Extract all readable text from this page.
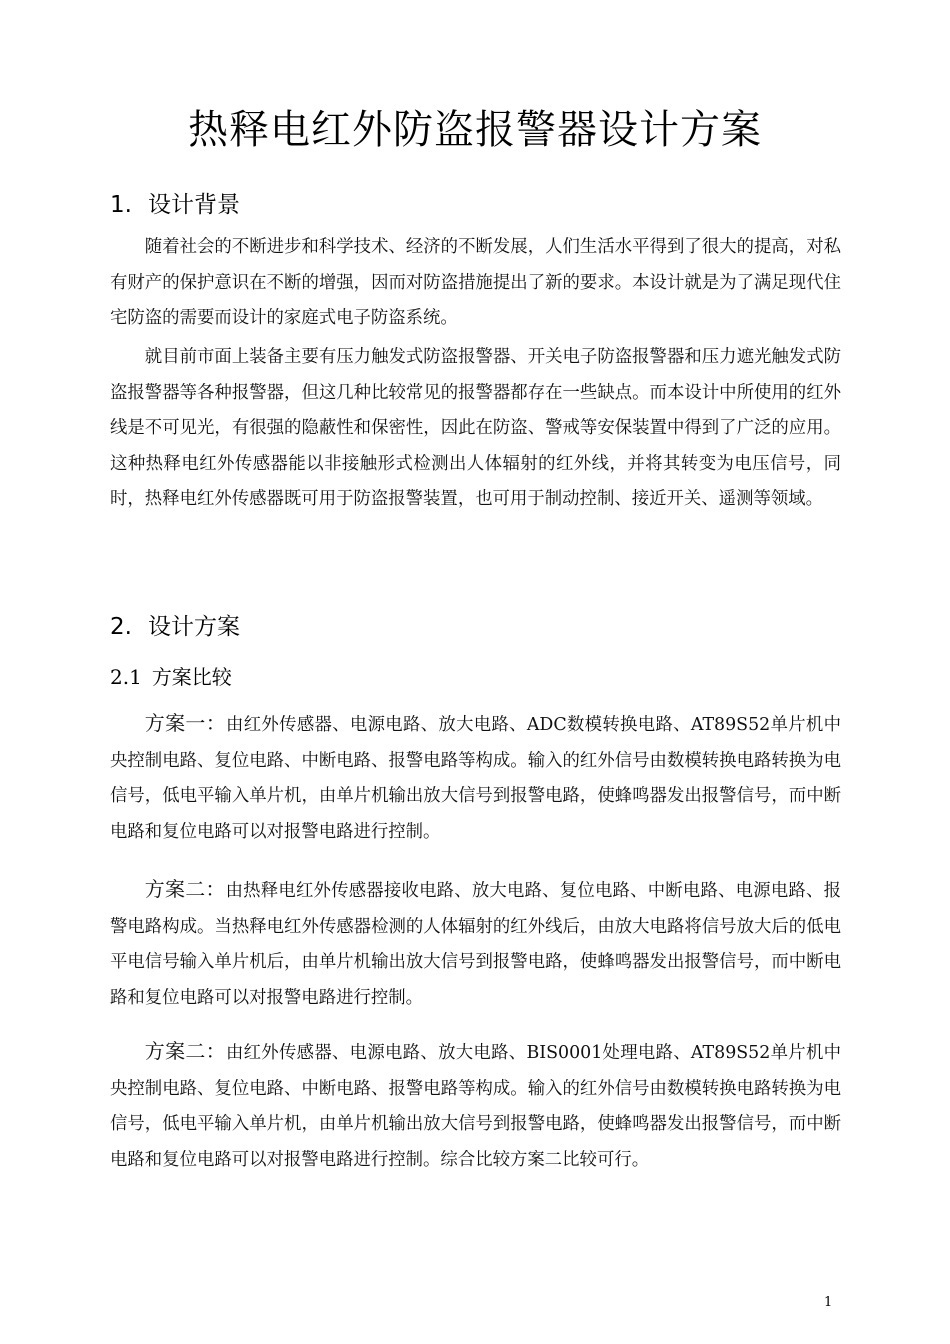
热释电红外防盗报警器设计方案
1. 设计背景

随着社会的不断进步和科学技术、经济的不断发展，人们生活水平得到了很大的提高，对私有财产的保护意识在不断的增强，因而对防盗措施提出了新的要求。本设计就是为了满足现代住宅防盗的需要而设计的家庭式电子防盗系统。

就目前市面上装备主要有压力触发式防盗报警器、开关电子防盗报警器和压力遮光触发式防盗报警器等各种报警器，但这几种比较常见的报警器都存在一些缺点。而本设计中所使用的红外线是不可见光，有很强的隐蔽性和保密性，因此在防盗、警戒等安保装置中得到了广泛的应用。这种热释电红外传感器能以非接触形式检测出人体辐射的红外线，并将其转变为电压信号，同时，热释电红外传感器既可用于防盗报警装置，也可用于制动控制、接近开关、遥测等领域。

2. 设计方案
2.1 方案比较

方案一：由红外传感器、电源电路、放大电路、ADC数模转换电路、AT89S52单片机中央控制电路、复位电路、中断电路、报警电路等构成。输入的红外信号由数模转换电路转换为电信号，低电平输入单片机，由单片机输出放大信号到报警电路，使蜂鸣器发出报警信号，而中断电路和复位电路可以对报警电路进行控制。

方案二：由热释电红外传感器接收电路、放大电路、复位电路、中断电路、电源电路、报警电路构成。当热释电红外传感器检测的人体辐射的红外线后，由放大电路将信号放大后的低电平电信号输入单片机后，由单片机输出放大信号到报警电路，使蜂鸣器发出报警信号，而中断电路和复位电路可以对报警电路进行控制。

方案二：由红外传感器、电源电路、放大电路、BIS0001处理电路、AT89S52单片机中央控制电路、复位电路、中断电路、报警电路等构成。输入的红外信号由数模转换电路转换为电信号，低电平输入单片机，由单片机输出放大信号到报警电路，使蜂鸣器发出报警信号，而中断电路和复位电路可以对报警电路进行控制。综合比较方案二比较可行。

1
